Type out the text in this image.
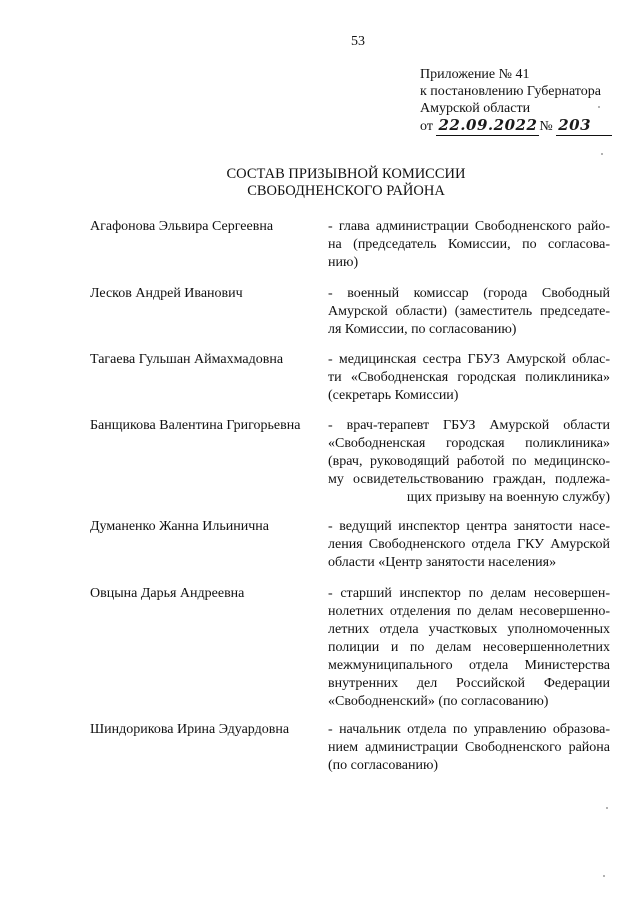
53
Приложение № 41
к постановлению Губернатора
Амурской области
от 22.09.2022 № 203
СОСТАВ ПРИЗЫВНОЙ КОМИССИИ
СВОБОДНЕНСКОГО РАЙОНА
Агафонова Эльвира Сергеевна	- глава администрации Свободненского райо-
на (председатель Комиссии, по согласова-
нию)
Лесков Андрей Иванович	- военный комиссар (города Свободный
Амурской области) (заместитель председате-
ля Комиссии, по согласованию)
Тагаева Гульшан Аймахмадовна	- медицинская сестра ГБУЗ Амурской облас-
ти «Свободненская городская поликлиника»
(секретарь Комиссии)
Банщикова Валентина Григорьевна	- врач-терапевт ГБУЗ Амурской области
«Свободненская городская поликлиника»
(врач, руководящий работой по медицинско-
му освидетельствованию граждан, подлежа-
щих призыву на военную службу)
Думаненко Жанна Ильинична	- ведущий инспектор центра занятости насе-
ления Свободненского отдела ГКУ Амурской
области «Центр занятости населения»
Овцына Дарья Андреевна	- старший инспектор по делам несовершен-
нолетних отделения по делам несовершенно-
летних отдела участковых уполномоченных
полиции и по делам несовершеннолетних
межмуниципального отдела Министерства
внутренних дел Российской Федерации
«Свободненский» (по согласованию)
Шиндорикова Ирина Эдуардовна	- начальник отдела по управлению образова-
нием администрации Свободненского района
(по согласованию)
